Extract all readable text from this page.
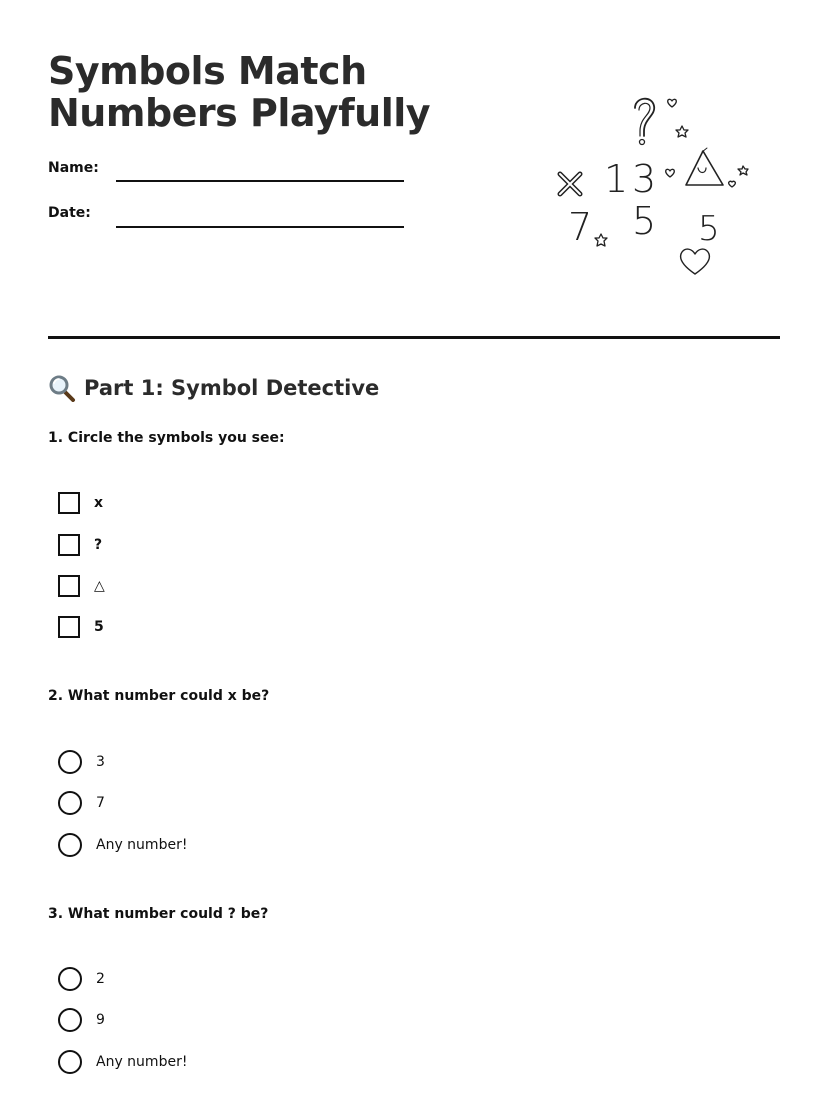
Symbols Match
Numbers Playfully
Name:
Date:
1 3
7 5 5
Part 1: Symbol Detective
1. Circle the symbols you see:
x
?
△
5
2. What number could x be?
3
7
Any number!
3. What number could ? be?
2
9
Any number!
